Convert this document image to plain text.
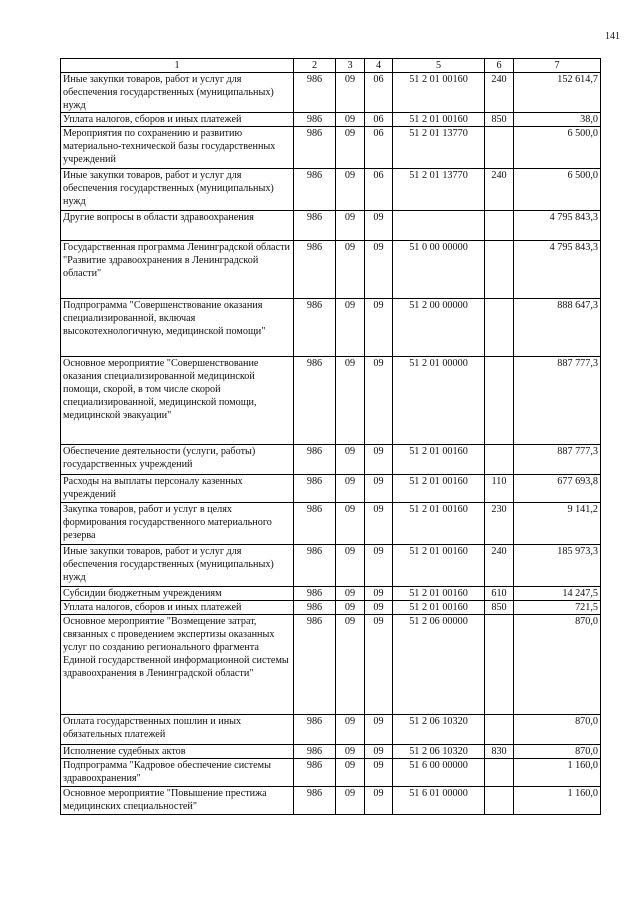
141
1	2	3	4	5	6	7
Иные закупки товаров, работ и услуг для обеспечения государственных (муниципальных) нужд	986	09	06	51 2 01 00160	240	152 614,7
Уплата налогов, сборов и иных платежей	986	09	06	51 2 01 00160	850	38,0
Мероприятия по сохранению и развитию материально-технической базы государственных учреждений	986	09	06	51 2 01 13770		6 500,0
Иные закупки товаров, работ и услуг для обеспечения государственных (муниципальных) нужд	986	09	06	51 2 01 13770	240	6 500,0
Другие вопросы в области здравоохранения	986	09	09			4 795 843,3
Государственная программа Ленинградской области "Развитие здравоохранения в Ленинградской области"	986	09	09	51 0 00 00000		4 795 843,3
Подпрограмма "Совершенствование оказания специализированной, включая высокотехнологичную, медицинской помощи"	986	09	09	51 2 00 00000		888 647,3
Основное мероприятие "Совершенствование оказания специализированной медицинской помощи, скорой, в том числе скорой специализированной, медицинской помощи, медицинской эвакуации"	986	09	09	51 2 01 00000		887 777,3
Обеспечение деятельности (услуги, работы) государственных учреждений	986	09	09	51 2 01 00160		887 777,3
Расходы на выплаты персоналу казенных учреждений	986	09	09	51 2 01 00160	110	677 693,8
Закупка товаров, работ и услуг в целях формирования государственного материального резерва	986	09	09	51 2 01 00160	230	9 141,2
Иные закупки товаров, работ и услуг для обеспечения государственных (муниципальных) нужд	986	09	09	51 2 01 00160	240	185 973,3
Субсидии бюджетным учреждениям	986	09	09	51 2 01 00160	610	14 247,5
Уплата налогов, сборов и иных платежей	986	09	09	51 2 01 00160	850	721,5
Основное мероприятие "Возмещение затрат, связанных с проведением экспертизы оказанных услуг по созданию регионального фрагмента Единой государственной информационной системы здравоохранения в Ленинградской области"	986	09	09	51 2 06 00000		870,0
Оплата государственных пошлин и иных обязательных платежей	986	09	09	51 2 06 10320		870,0
Исполнение судебных актов	986	09	09	51 2 06 10320	830	870,0
Подпрограмма "Кадровое обеспечение системы здравоохранения"	986	09	09	51 6 00 00000		1 160,0
Основное мероприятие "Повышение престижа медицинских специальностей"	986	09	09	51 6 01 00000		1 160,0
